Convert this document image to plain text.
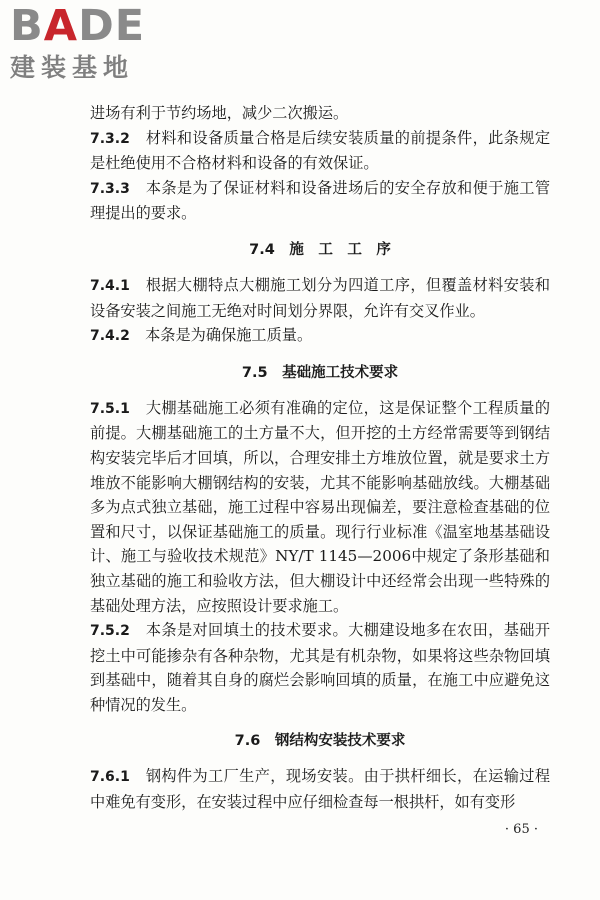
BADE
建装基地

进场有利于节约场地，减少二次搬运。

7.3.2　 材料和设备质量合格是后续安装质量的前提条件，此条规定是杜绝使用不合格材料和设备的有效保证。

7.3.3　 本条是为了保证材料和设备进场后的安全存放和便于施工管理提出的要求。

7.4　 施　工　工　序

7.4.1　 根据大棚特点大棚施工划分为四道工序，但覆盖材料安装和设备安装之间施工无绝对时间划分界限，允许有交叉作业。

7.4.2　 本条是为确保施工质量。

7.5　 基础施工技术要求

7.5.1　 大棚基础施工必须有准确的定位，这是保证整个工程质量的前提。大棚基础施工的土方量不大，但开挖的土方经常需要等到钢结构安装完毕后才回填，所以，合理安排土方堆放位置，就是要求土方堆放不能影响大棚钢结构的安装，尤其不能影响基础放线。大棚基础多为点式独立基础，施工过程中容易出现偏差，要注意检查基础的位置和尺寸，以保证基础施工的质量。现行行业标准《温室地基基础设计、施工与验收技术规范》NY/T 1145—2006中规定了条形基础和独立基础的施工和验收方法，但大棚设计中还经常会出现一些特殊的基础处理方法，应按照设计要求施工。

7.5.2　 本条是对回填土的技术要求。大棚建设地多在农田，基础开挖土中可能掺杂有各种杂物，尤其是有机杂物，如果将这些杂物回填到基础中，随着其自身的腐烂会影响回填的质量，在施工中应避免这种情况的发生。

7.6　 钢结构安装技术要求

7.6.1　 钢构件为工厂生产，现场安装。由于拱杆细长，在运输过程中难免有变形，在安装过程中应仔细检查每一根拱杆，如有变形

· 65 ·
